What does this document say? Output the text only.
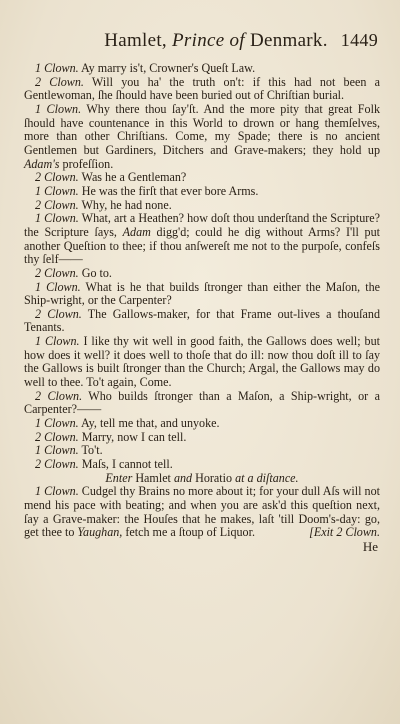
Hamlet, Prince of Denmark. 1449

1 Clown. Ay marry is't, Crowner's Queſt Law.

2 Clown. Will you ha' the truth on't: if this had not been a Gentlewoman, ſhe ſhould have been buried out of Chriſtian burial.

1 Clown. Why there thou ſay'ſt. And the more pity that great Folk ſhould have countenance in this World to drown or hang themſelves, more than other Chriſtians. Come, my Spade; there is no ancient Gentlemen but Gardiners, Ditchers and Grave-makers; they hold up Adam's profeſſion.

2 Clown. Was he a Gentleman?

1 Clown. He was the firſt that ever bore Arms.

2 Clown. Why, he had none.

1 Clown. What, art a Heathen? how doſt thou underſtand the Scripture? the Scripture ſays, Adam digg'd; could he dig without Arms? I'll put another Queſtion to thee; if thou anſwereſt me not to the purpoſe, confeſs thy ſelf——

2 Clown. Go to.

1 Clown. What is he that builds ſtronger than either the Maſon, the Ship-wright, or the Carpenter?

2 Clown. The Gallows-maker, for that Frame out-lives a thouſand Tenants.

1 Clown. I like thy wit well in good faith, the Gallows does well; but how does it well? it does well to thoſe that do ill: now thou doſt ill to ſay the Gallows is built ſtronger than the Church; Argal, the Gallows may do well to thee. To't again, Come.

2 Clown. Who builds ſtronger than a Maſon, a Ship-wright, or a Carpenter?——

1 Clown. Ay, tell me that, and unyoke.

2 Clown. Marry, now I can tell.

1 Clown. To't.

2 Clown. Maſs, I cannot tell.

Enter Hamlet and Horatio at a diſtance.

1 Clown. Cudgel thy Brains no more about it; for your dull Aſs will not mend his pace with beating; and when you are ask'd this queſtion next, ſay a Grave-maker: the Houſes that he makes, laſt 'till Doom's-day: go, get thee to Yaughan, fetch me a ſtoup of Liquor.	[Exit 2 Clown.

He
